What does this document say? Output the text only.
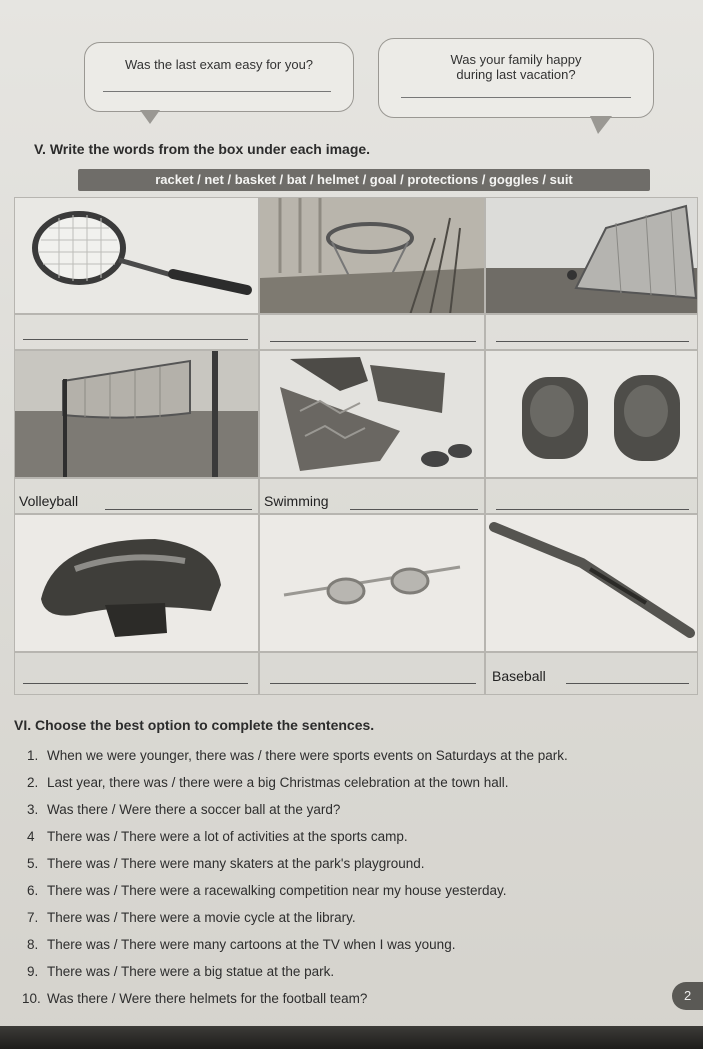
Was the last exam easy for you?	Was your family happy
during last vacation?
V. Write the words from the box under each image.
racket / net / basket / bat / helmet / goal / protections / goggles / suit
Volleyball	Swimming
Baseball
VI. Choose the best option to complete the sentences.
1. When we were younger, there was / there were sports events on Saturdays at the park.
2. Last year, there was / there were a big Christmas celebration at the town hall.
3. Was there / Were there a soccer ball at the yard?
4 There was / There were a lot of activities at the sports camp.
5. There was / There were many skaters at the park's playground.
6. There was / There were a racewalking competition near my house yesterday.
7. There was / There were a movie cycle at the library.
8. There was / There were many cartoons at the TV when I was young.
9. There was / There were a big statue at the park.
10. Was there / Were there helmets for the football team?	2
